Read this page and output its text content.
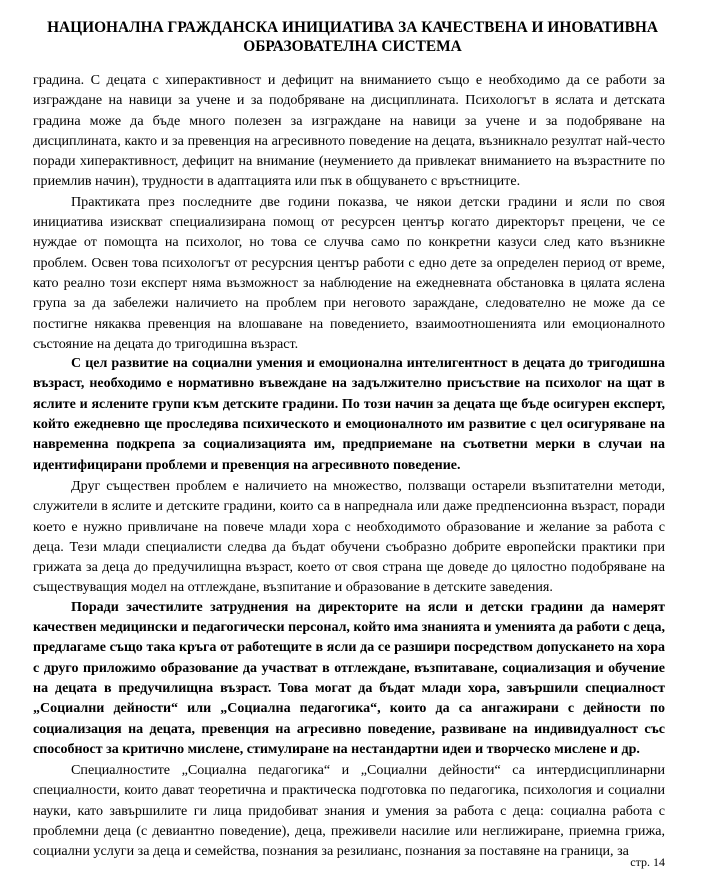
НАЦИОНАЛНА ГРАЖДАНСКА ИНИЦИАТИВА ЗА КАЧЕСТВЕНА И ИНОВАТИВНА ОБРАЗОВАТЕЛНА СИСТЕМА

градина. С децата с хиперактивност и дефицит на вниманието също е необходимо да се работи за изграждане на навици за учене и за подобряване на дисциплината. Психологът в яслата и детската градина може да бъде много полезен за изграждане на навици за учене и за подобряване на дисциплината, както и за превенция на агресивното поведение на децата, възникнало резултат най-често поради хиперактивност, дефицит на внимание (неумението да привлекат вниманието на възрастните по приемлив начин), трудности в адаптацията или пък в общуването с връстниците.

Практиката през последните две години показва, че някои детски градини и ясли по своя инициатива изискват специализирана помощ от ресурсен център когато директорът прецени, че се нуждае от помощта на психолог, но това се случва само по конкретни казуси след като възникне проблем. Освен това психологът от ресурсния център работи с едно дете за определен период от време, като реално този експерт няма възможност за наблюдение на ежедневната обстановка в цялата яслена група за да забележи наличието на проблем при неговото зараждане, следователно не може да се постигне някаква превенция на влошаване на поведението, взаимоотношенията или емоционалното състояние на децата до тригодишна възраст.

С цел развитие на социални умения и емоционална интелигентност в децата до тригодишна възраст, необходимо е нормативно въвеждане на задължително присъствие на психолог на щат в яслите и яслените групи към детските градини. По този начин за децата ще бъде осигурен експерт, който ежедневно ще проследява психическото и емоционалното им развитие с цел осигуряване на навременна подкрепа за социализацията им, предприемане на съответни мерки в случаи на идентифицирани проблеми и превенция на агресивното поведение.

Друг съществен проблем е наличието на множество, ползващи остарели възпитателни методи, служители в яслите и детските градини, които са в напреднала или даже предпенсионна възраст, поради което е нужно привличане на повече млади хора с необходимото образование и желание за работа с деца. Тези млади специалисти следва да бъдат обучени съобразно добрите европейски практики при грижата за деца до предучилищна възраст, което от своя страна ще доведе до цялостно подобряване на съществуващия модел на отглеждане, възпитание и образование в детските заведения.

Поради зачестилите затруднения на директорите на ясли и детски градини да намерят качествен медицински и педагогически персонал, който има знанията и уменията да работи с деца, предлагаме също така кръга от работещите в ясли да се разшири посредством допускането на хора с друго приложимо образование да участват в отглеждане, възпитаване, социализация и обучение на децата в предучилищна възраст. Това могат да бъдат млади хора, завършили специалност „Социални дейности“ или „Социална педагогика“, които да са ангажирани с дейности по социализация на децата, превенция на агресивно поведение, развиване на индивидуалност със способност за критично мислене, стимулиране на нестандартни идеи и творческо мислене и др.

Специалностите „Социална педагогика“ и „Социални дейности“ са интердисциплинарни специалности, които дават теоретична и практическа подготовка по педагогика, психология и социални науки, като завършилите ги лица придобиват знания и умения за работа с деца: социална работа с проблемни деца (с девиантно поведение), деца, преживели насилие или неглижиране, приемна грижа, социални услуги за деца и семейства, познания за резилианс, познания за поставяне на граници, за

стр. 14
